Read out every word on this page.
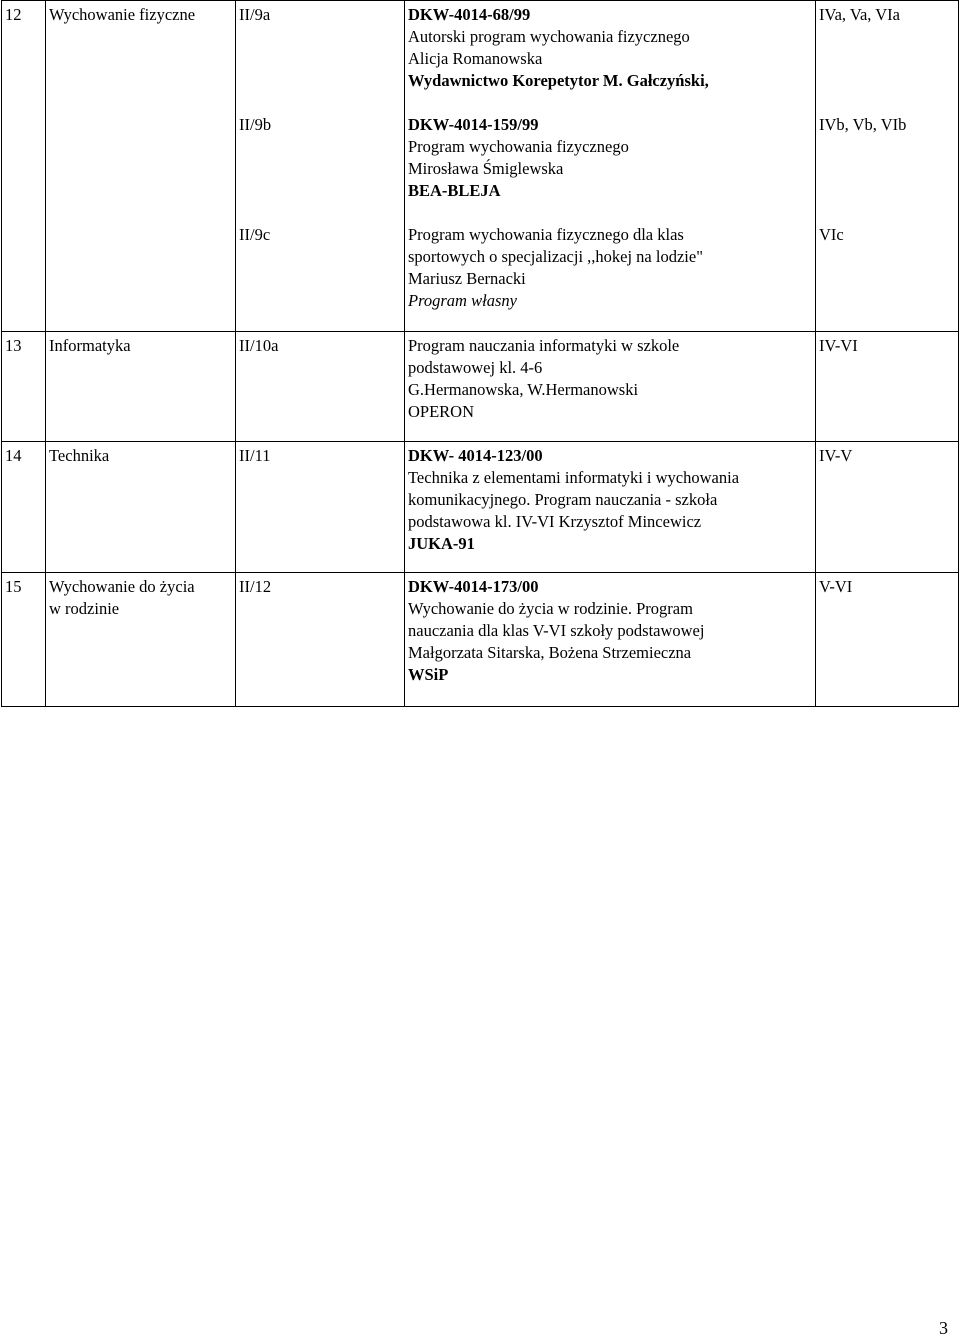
12	Wychowanie fizyczne	II/9a	DKW-4014-68/99
Autorski program wychowania fizycznego
Alicja Romanowska
Wydawnictwo Korepetytor M. Gałczyński,	IVa, Va, VIa
		II/9b	DKW-4014-159/99
Program wychowania fizycznego
Mirosława Śmiglewska
BEA-BLEJA	IVb, Vb, VIb
		II/9c	Program wychowania fizycznego dla klas
sportowych o specjalizacji ,,hokej na lodzie"
Mariusz Bernacki
Program własny	VIc
13	Informatyka	II/10a	Program nauczania informatyki w szkole
podstawowej kl. 4-6
G.Hermanowska, W.Hermanowski
OPERON	IV-VI
14	Technika	II/11	DKW- 4014-123/00
Technika z elementami informatyki i wychowania
komunikacyjnego. Program nauczania - szkoła
podstawowa kl. IV-VI Krzysztof Mincewicz
JUKA-91	IV-V
15	Wychowanie do życia
w rodzinie	II/12	DKW-4014-173/00
Wychowanie do życia w rodzinie. Program
nauczania dla klas V-VI szkoły podstawowej
Małgorzata Sitarska, Bożena Strzemieczna
WSiP	V-VI
3
